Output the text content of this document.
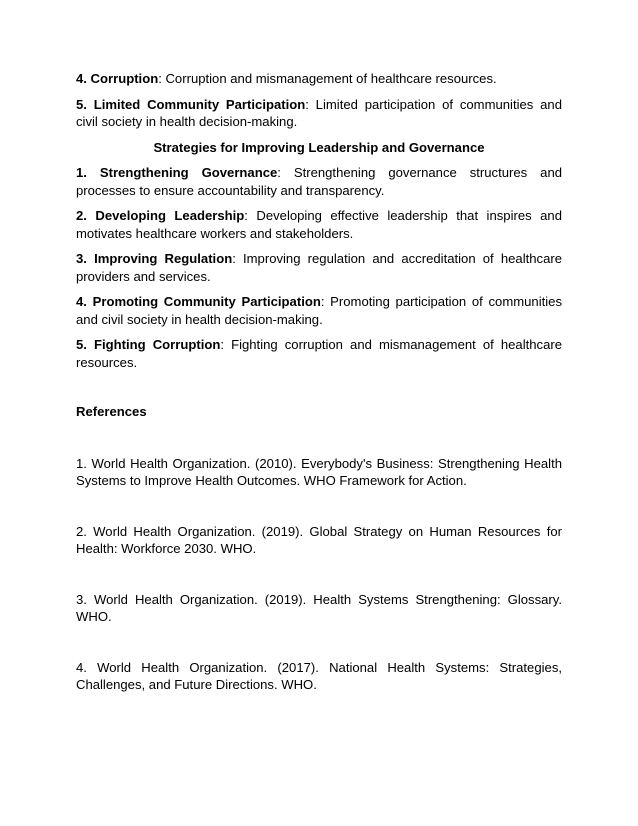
4. Corruption: Corruption and mismanagement of healthcare resources.

5. Limited Community Participation: Limited participation of communities and civil society in health decision-making.

Strategies for Improving Leadership and Governance

1. Strengthening Governance: Strengthening governance structures and processes to ensure accountability and transparency.

2. Developing Leadership: Developing effective leadership that inspires and motivates healthcare workers and stakeholders.

3. Improving Regulation: Improving regulation and accreditation of healthcare providers and services.

4. Promoting Community Participation: Promoting participation of communities and civil society in health decision-making.

5. Fighting Corruption: Fighting corruption and mismanagement of healthcare resources.

References

1. World Health Organization. (2010). Everybody's Business: Strengthening Health Systems to Improve Health Outcomes. WHO Framework for Action.

2. World Health Organization. (2019). Global Strategy on Human Resources for Health: Workforce 2030. WHO.

3. World Health Organization. (2019). Health Systems Strengthening: Glossary. WHO.

4. World Health Organization. (2017). National Health Systems: Strategies, Challenges, and Future Directions. WHO.
